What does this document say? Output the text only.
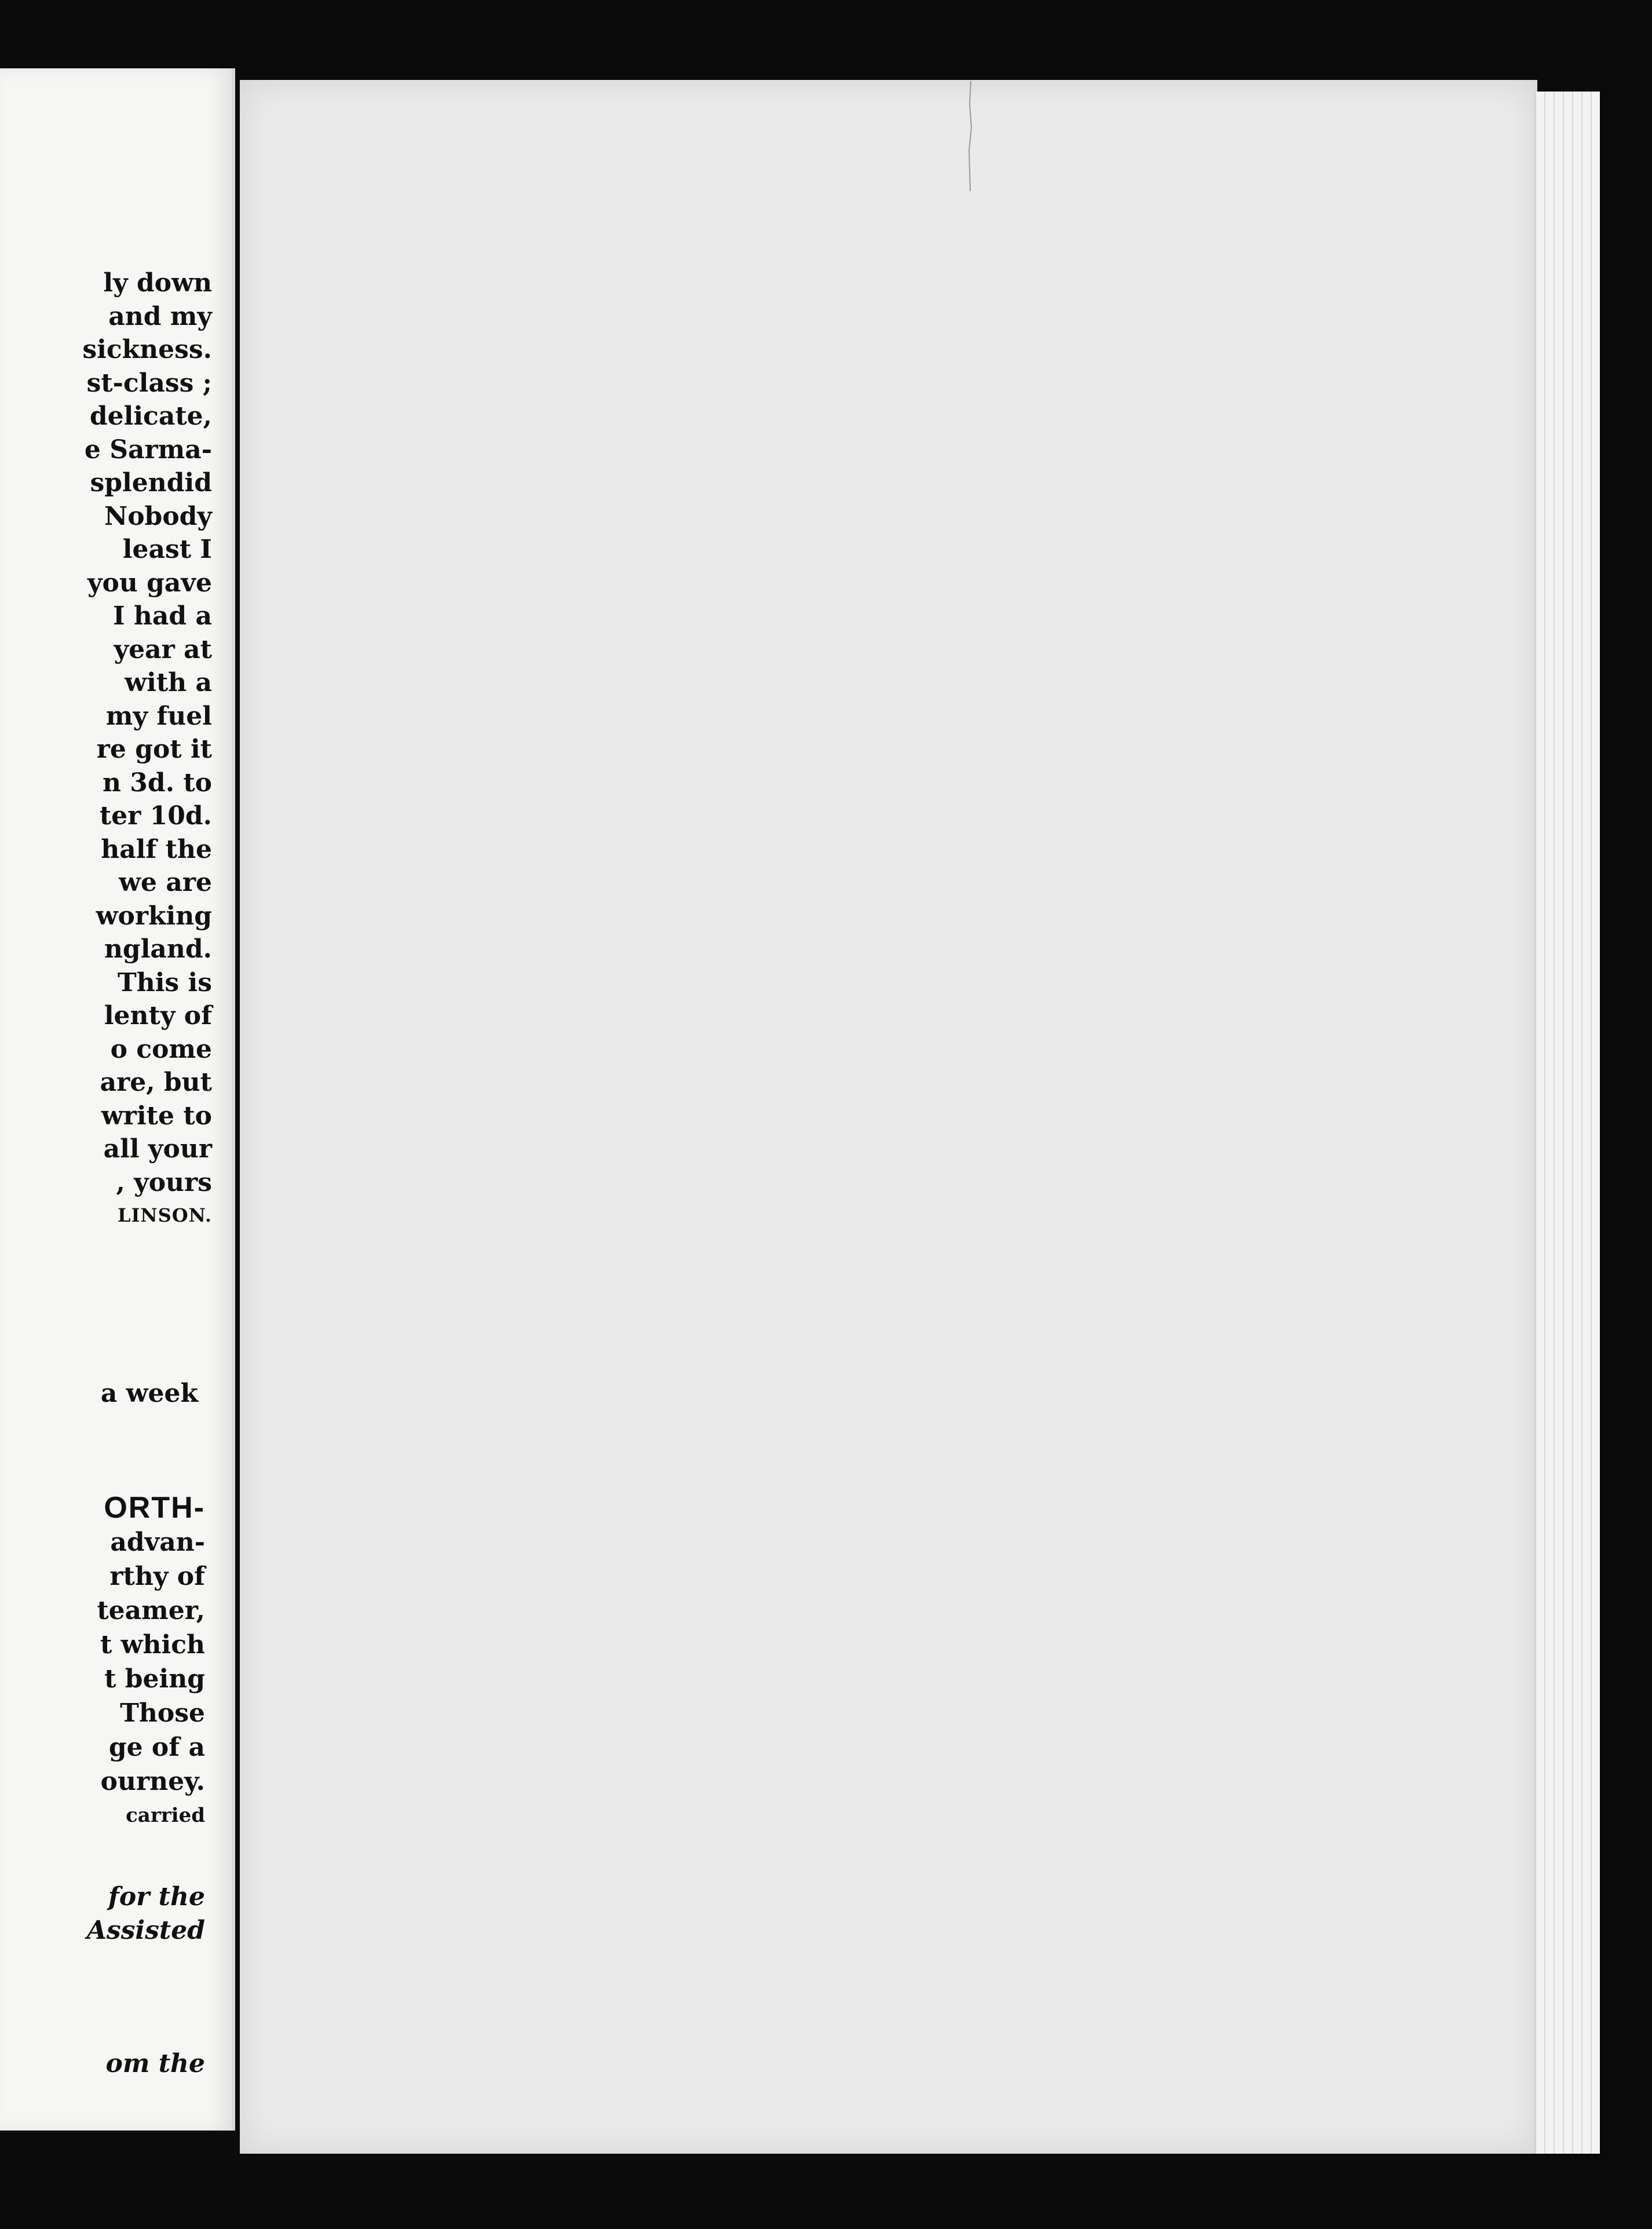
ly down
and my
sickness.
st-class ;
delicate,
e Sarma-
splendid
Nobody
least I
you gave
I had a
year at
with a
my fuel
re got it
n 3d. to
ter 10d.
half the
we are
working
ngland.
This is
lenty of
o come
are, but
write to
all your
, yours
LINSON.
a week
ORTH-
advan-
rthy of
teamer,
t which
t being
Those
ge of a
ourney.
carried
for the
Assisted
om the
